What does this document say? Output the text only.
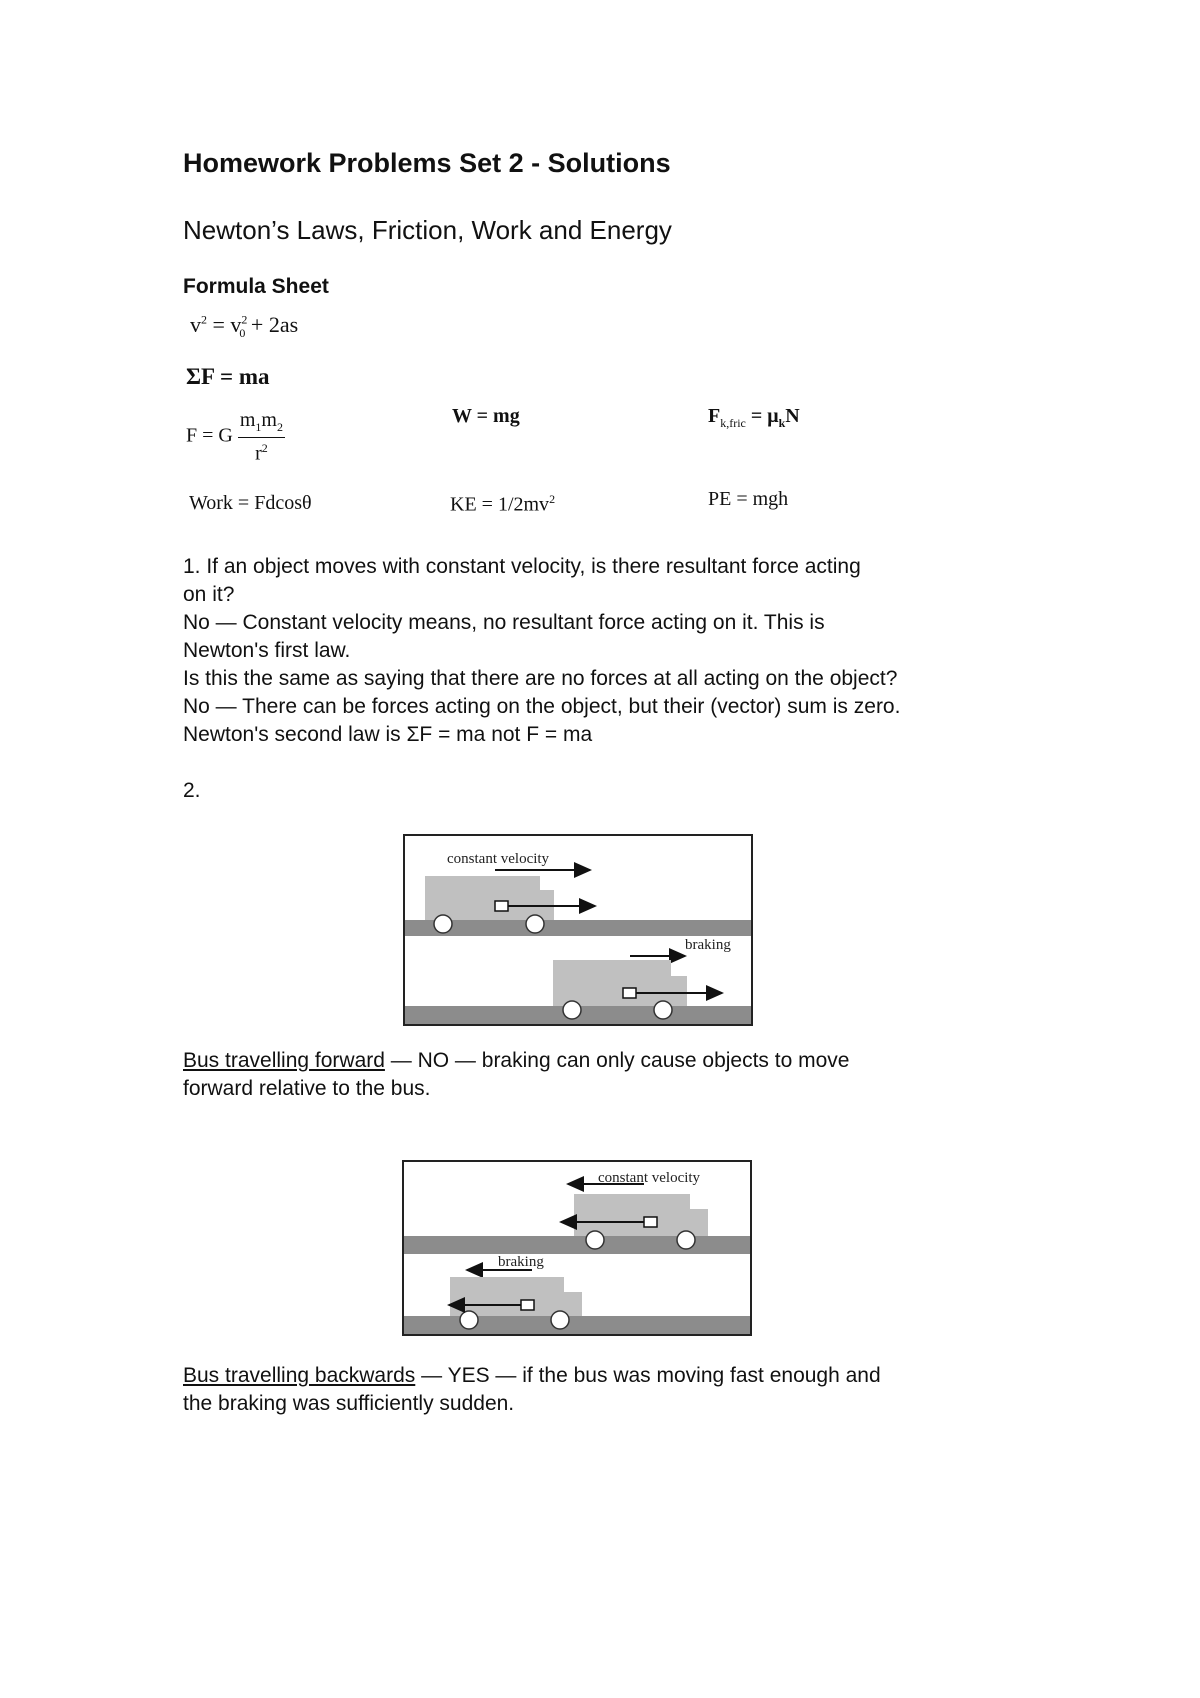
Homework Problems Set 2 - Solutions
Newton’s Laws, Friction, Work and Energy
Formula Sheet
$v^2 = v^2_0 + 2as$
ΣF = ma
F = G $\frac{m_1m_2}{r^2}$	W = mg	$F_{k,fric} = \mu_kN$
Work = Fdcosθ	KE = $1/2mv^2$	PE = mgh
1. If an object moves with constant velocity, is there resultant force acting
on it?
No — Constant velocity means, no resultant force acting on it. This is
Newton's first law.
Is this the same as saying that there are no forces at all acting on the object?
No — There can be forces acting on the object, but their (vector) sum is zero.
Newton's second law is ΣF = ma not F = ma
2.
constant velocity
braking
Bus travelling forward — NO — braking can only cause objects to move
forward relative to the bus.
constant velocity
braking
Bus travelling backwards — YES — if the bus was moving fast enough and
the braking was sufficiently sudden.
